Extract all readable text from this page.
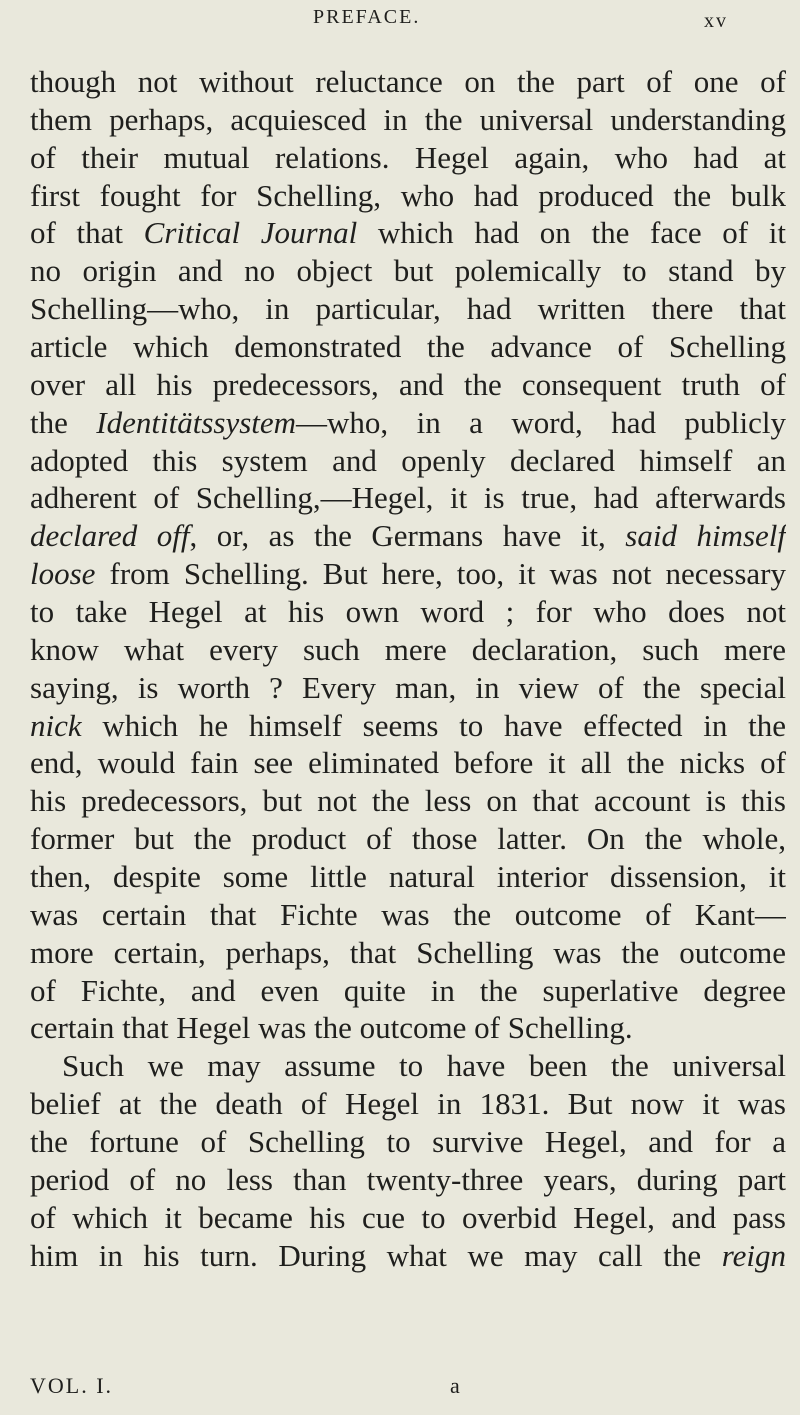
PREFACE.	xv
though not without reluctance on the part of one of
them perhaps, acquiesced in the universal understanding
of their mutual relations. Hegel again, who had at
first fought for Schelling, who had produced the bulk
of that Critical Journal which had on the face of it
no origin and no object but polemically to stand by
Schelling—who, in particular, had written there that
article which demonstrated the advance of Schelling
over all his predecessors, and the consequent truth of
the Identitätssystem—who, in a word, had publicly
adopted this system and openly declared himself an
adherent of Schelling,—Hegel, it is true, had afterwards
declared off, or, as the Germans have it, said himself
loose from Schelling. But here, too, it was not necessary
to take Hegel at his own word ; for who does not
know what every such mere declaration, such mere
saying, is worth ? Every man, in view of the special
nick which he himself seems to have effected in the
end, would fain see eliminated before it all the nicks of
his predecessors, but not the less on that account is this
former but the product of those latter. On the whole,
then, despite some little natural interior dissension, it
was certain that Fichte was the outcome of Kant—
more certain, perhaps, that Schelling was the outcome
of Fichte, and even quite in the superlative degree
certain that Hegel was the outcome of Schelling.
Such we may assume to have been the universal
belief at the death of Hegel in 1831. But now it was
the fortune of Schelling to survive Hegel, and for a
period of no less than twenty-three years, during part
of which it became his cue to overbid Hegel, and pass
him in his turn. During what we may call the reign
VOL. I.	a
